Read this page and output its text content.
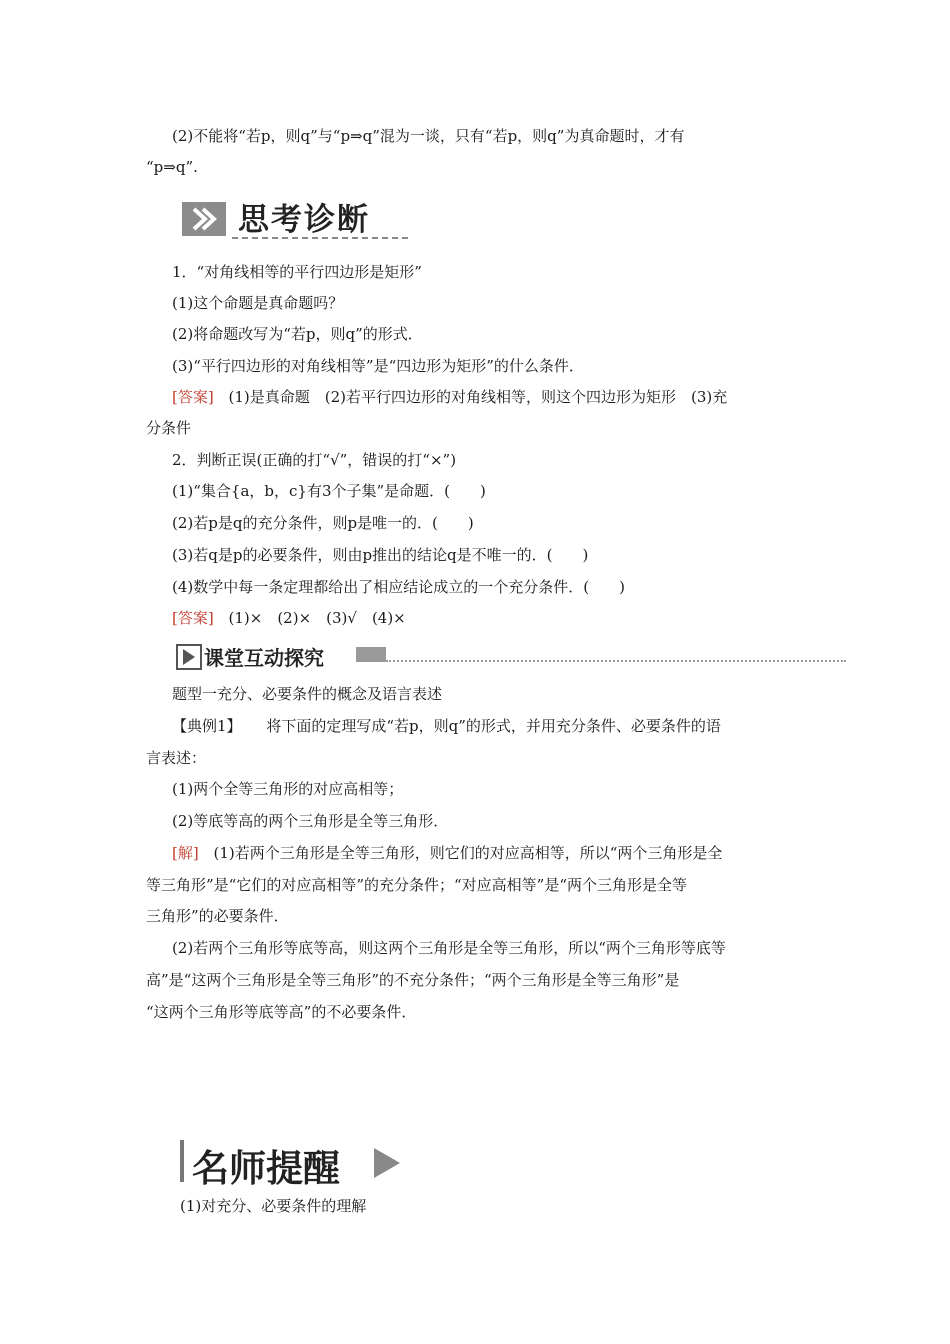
(2)不能将“若p，则q”与“p⇒q”混为一谈，只有“若p，则q”为真命题时，才有
“p⇒q”.
思考诊断
1．“对角线相等的平行四边形是矩形”
(1)这个命题是真命题吗？
(2)将命题改写为“若p，则q”的形式．
(3)“平行四边形的对角线相等”是“四边形为矩形”的什么条件．
[答案] (1)是真命题　(2)若平行四边形的对角线相等，则这个四边形为矩形　(3)充
分条件
2．判断正误(正确的打“√”，错误的打“×”)
(1)“集合{a，b，c}有3个子集”是命题．(　　)
(2)若p是q的充分条件，则p是唯一的．(　　)
(3)若q是p的必要条件，则由p推出的结论q是不唯一的．(　　)
(4)数学中每一条定理都给出了相应结论成立的一个充分条件．(　　)
[答案] (1)×　(2)×　(3)√　(4)×
课堂互动探究
题型一充分、必要条件的概念及语言表述
【典例1】 将下面的定理写成“若p，则q”的形式，并用充分条件、必要条件的语
言表述：
(1)两个全等三角形的对应高相等；
(2)等底等高的两个三角形是全等三角形．
[解] (1)若两个三角形是全等三角形，则它们的对应高相等，所以“两个三角形是全
等三角形”是“它们的对应高相等”的充分条件；“对应高相等”是“两个三角形是全等
三角形”的必要条件．
(2)若两个三角形等底等高，则这两个三角形是全等三角形，所以“两个三角形等底等
高”是“这两个三角形是全等三角形”的不充分条件；“两个三角形是全等三角形”是
“这两个三角形等底等高”的不必要条件．
名师提醒
(1)对充分、必要条件的理解
